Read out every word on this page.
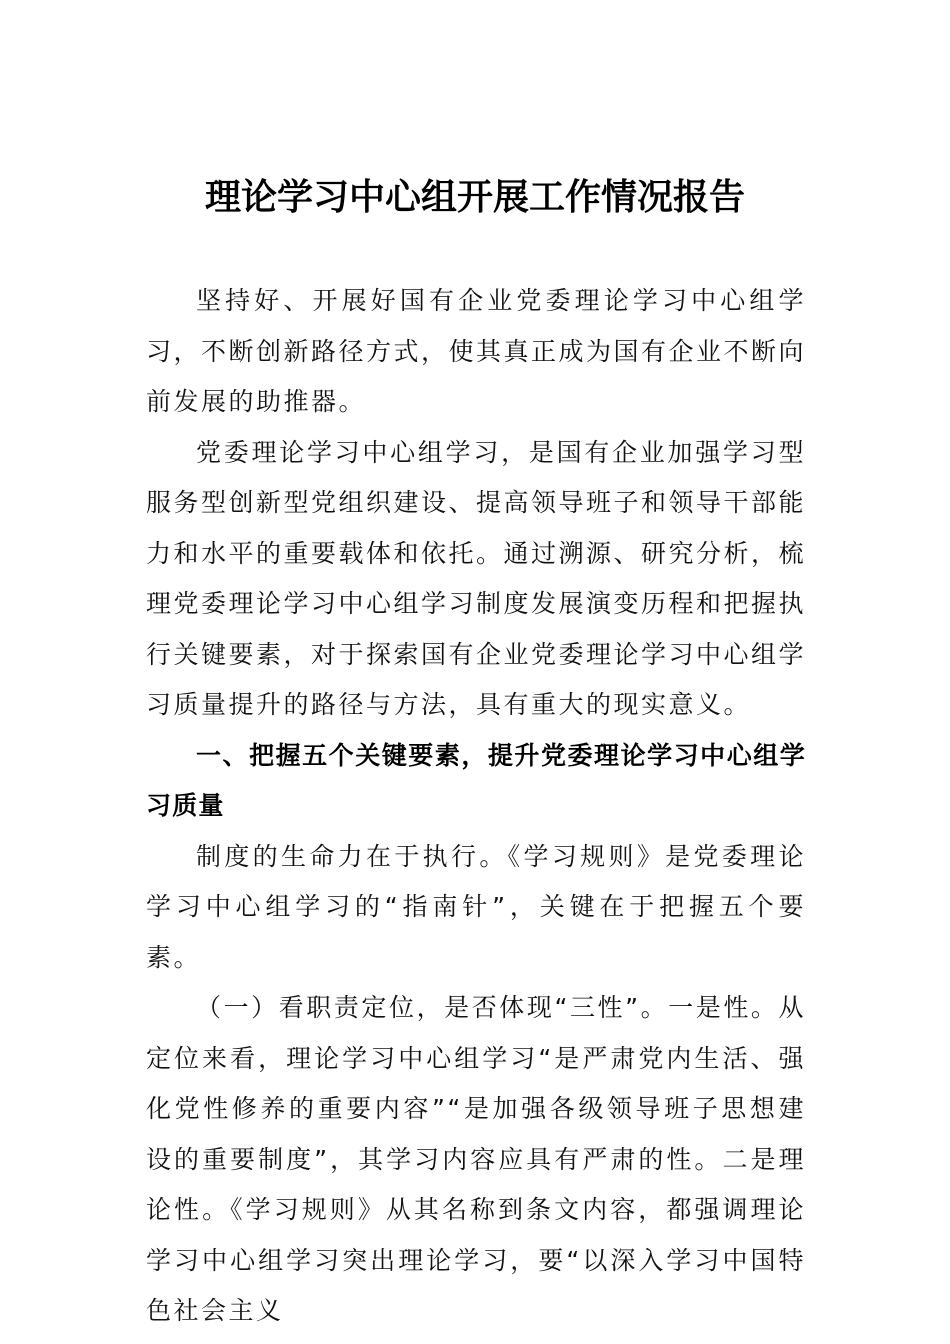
理论学习中心组开展工作情况报告

坚持好、开展好国有企业党委理论学习中心组学习，不断创新路径方式，使其真正成为国有企业不断向前发展的助推器。

党委理论学习中心组学习，是国有企业加强学习型服务型创新型党组织建设、提高领导班子和领导干部能力和水平的重要载体和依托。通过溯源、研究分析，梳理党委理论学习中心组学习制度发展演变历程和把握执行关键要素，对于探索国有企业党委理论学习中心组学习质量提升的路径与方法，具有重大的现实意义。

一、把握五个关键要素，提升党委理论学习中心组学习质量

制度的生命力在于执行。《学习规则》是党委理论学习中心组学习的“指南针”，关键在于把握五个要素。

（一）看职责定位，是否体现“三性”。一是性。从定位来看，理论学习中心组学习“是严肃党内生活、强化党性修养的重要内容”“是加强各级领导班子思想建设的重要制度”，其学习内容应具有严肃的性。二是理论性。《学习规则》从其名称到条文内容，都强调理论学习中心组学习突出理论学习，要“以深入学习中国特色社会主义
